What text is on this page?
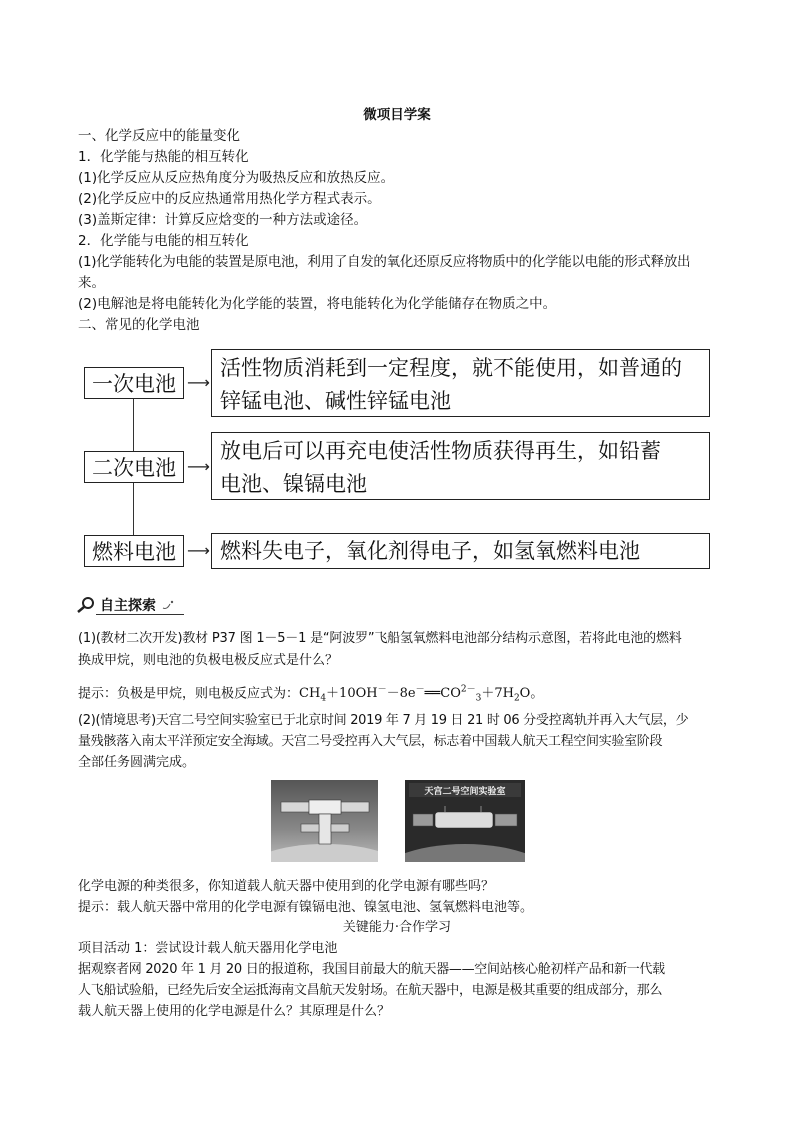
微项目学案
一、化学反应中的能量变化
1．化学能与热能的相互转化
(1)化学反应从反应热角度分为吸热反应和放热反应。
(2)化学反应中的反应热通常用热化学方程式表示。
(3)盖斯定律：计算反应焓变的一种方法或途径。
2．化学能与电能的相互转化
(1)化学能转化为电能的装置是原电池，利用了自发的氧化还原反应将物质中的化学能以电能的形式释放出
来。
(2)电解池是将电能转化为化学能的装置，将电能转化为化学能储存在物质之中。
二、常见的化学电池
一次电池 ⟶
活性物质消耗到一定程度，就不能使用，如普通的
锌锰电池、碱性锌锰电池
二次电池 ⟶
放电后可以再充电使活性物质获得再生，如铅蓄
电池、镍镉电池
燃料电池 ⟶ 燃料失电子，氧化剂得电子，如氢氧燃料电池
自主探索
(1)(教材二次开发)教材 P37 图 1－5－1 是“阿波罗”飞船氢氧燃料电池部分结构示意图，若将此电池的燃料
换成甲烷，则电池的负极电极反应式是什么？
提示：负极是甲烷，则电极反应式为：$CH_4+10OH^--8e^-══CO^{2-}_3+7H_2O$。
(2)(情境思考)天宫二号空间实验室已于北京时间 2019 年 7 月 19 日 21 时 06 分受控离轨并再入大气层，少
量残骸落入南太平洋预定安全海域。天宫二号受控再入大气层，标志着中国载人航天工程空间实验室阶段
全部任务圆满完成。
天宫二号空间实验室
化学电源的种类很多，你知道载人航天器中使用到的化学电源有哪些吗？
提示：载人航天器中常用的化学电源有镍镉电池、镍氢电池、氢氧燃料电池等。
关键能力·合作学习
项目活动 1：尝试设计载人航天器用化学电池
据观察者网 2020 年 1 月 20 日的报道称，我国目前最大的航天器——空间站核心舱初样产品和新一代载
人飞船试验船，已经先后安全运抵海南文昌航天发射场。在航天器中，电源是极其重要的组成部分，那么
载人航天器上使用的化学电源是什么？其原理是什么？
